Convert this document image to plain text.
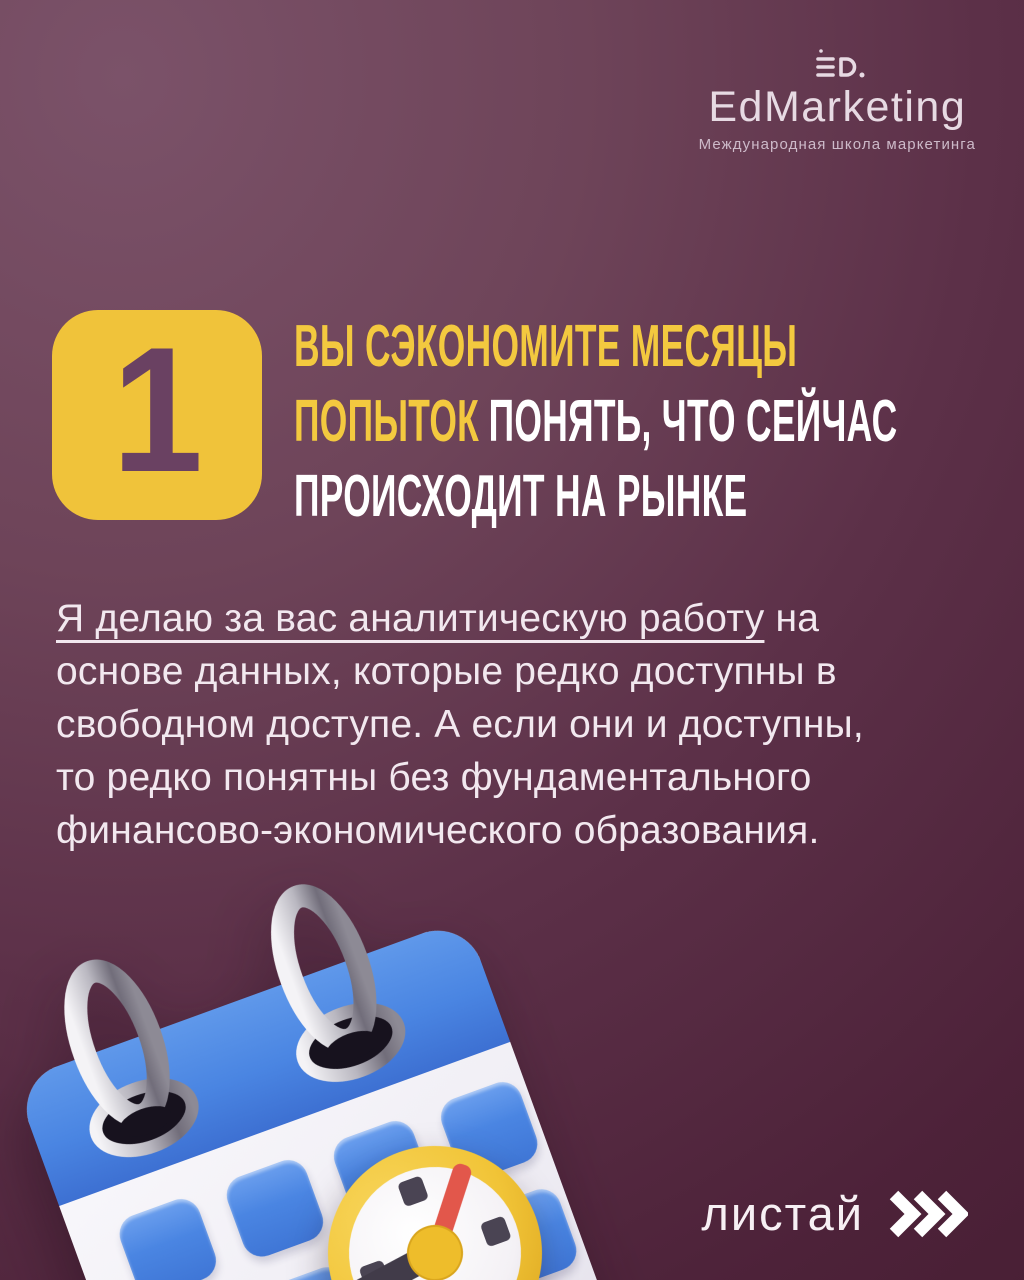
EdMarketing
Международная школа маркетинга
1 ВЫ СЭКОНОМИТЕ МЕСЯЦЫ
ПОПЫТОК ПОНЯТЬ, ЧТО СЕЙЧАС
ПРОИСХОДИТ НА РЫНКЕ
Я делаю за вас аналитическую работу на
основе данных, которые редко доступны в
свободном доступе. А если они и доступны,
то редко понятны без фундаментального
финансово-экономического образования.
листай
